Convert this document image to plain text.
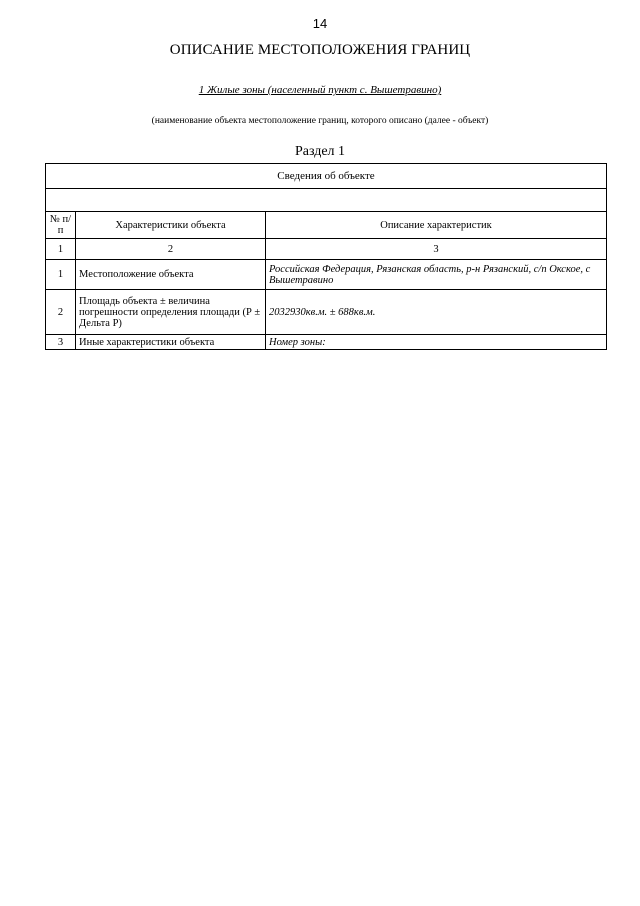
14
ОПИСАНИЕ МЕСТОПОЛОЖЕНИЯ ГРАНИЦ
1 Жилые зоны (населенный пункт с. Вышетравино)
(наименование объекта местоположение границ, которого описано (далее - объект)
Раздел 1
Сведения об объекте		

№ п/п	Характеристики объекта	Описание характеристик
1	2	3
1	Местоположение объекта	Российская Федерация, Рязанская область, р-н Рязанский, с/п Окское, с Вышетравино
2	Площадь объекта ± величина погрешности определения площади (Р ± Дельта Р)	2032930кв.м. ± 688кв.м.
3	Иные характеристики объекта	Номер зоны:
